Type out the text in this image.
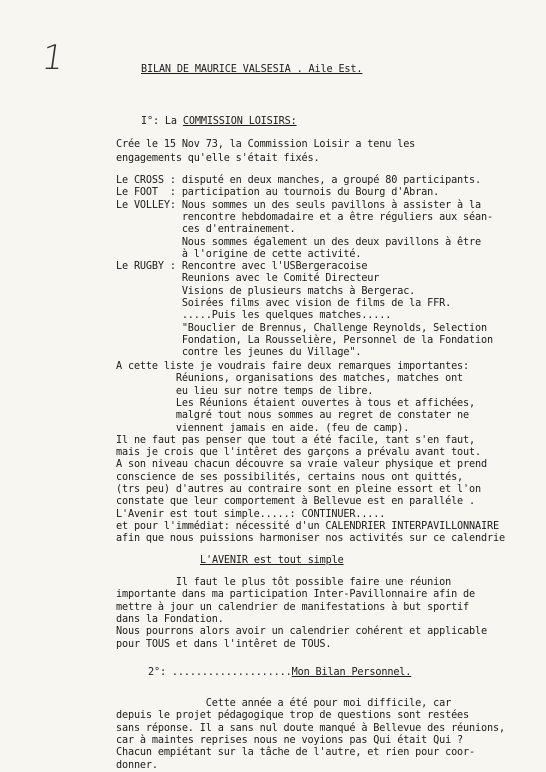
1	BILAN DE MAURICE VALSESIA . Aile Est.
I°: La COMMISSION LOISIRS:
Crée le 15 Nov 73, la Commission Loisir a tenu les
engagements qu'elle s'était fixés.
Le CROSS : disputé en deux manches, a groupé 80 participants.
Le FOOT  : participation au tournois du Bourg d'Abran.
Le VOLLEY: Nous sommes un des seuls pavillons à assister à la
rencontre hebdomadaire et a être réguliers aux séan-
ces d'entrainement.
Nous sommes également un des deux pavillons à être
à l'origine de cette activité.
Le RUGBY : Rencontre avec l'USBergeracoise
Reunions avec le Comité Directeur
Visions de plusieurs matchs à Bergerac.
Soirées films avec vision de films de la FFR.
.....Puis les quelques matches.....
"Bouclier de Brennus, Challenge Reynolds, Selection
Fondation, La Rousselière, Personnel de la Fondation
contre les jeunes du Village".
A cette liste je voudrais faire deux remarques importantes:
Réunions, organisations des matches, matches ont
eu lieu sur notre temps de libre.
Les Réunions étaient ouvertes à tous et affichées,
malgré tout nous sommes au regret de constater ne
viennent jamais en aide. (feu de camp).
Il ne faut pas penser que tout a été facile, tant s'en faut,
mais je crois que l'intêret des garçons a prévalu avant tout.
A son niveau chacun découvre sa vraie valeur physique et prend
conscience de ses possibilités, certains nous ont quittés,
(trs peu) d'autres au contraire sont en pleine essort et l'on
constate que leur comportement à Bellevue est en paralléle .
L'Avenir est tout simple.....: CONTINUER.....
et pour l'immédiat: nécessité d'un CALENDRIER INTERPAVILLONNAIRE
afin que nous puissions harmoniser nos activités sur ce calendrie
L'AVENIR est tout simple
Il faut le plus tôt possible faire une réunion
importante dans ma participation Inter-Pavillonnaire afin de
mettre à jour un calendrier de manifestations à but sportif
dans la Fondation.
Nous pourrons alors avoir un calendrier cohérent et applicable
pour TOUS et dans l'intêret de TOUS.
2°: ....................Mon Bilan Personnel.
Cette année a été pour moi difficile, car
depuis le projet pédagogique trop de questions sont restées
sans réponse. Il a sans nul doute manqué à Bellevue des réunions,
car à maintes reprises nous ne voyions pas Qui était Qui ?
Chacun empiétant sur la tâche de l'autre, et rien pour coor-
donner.
